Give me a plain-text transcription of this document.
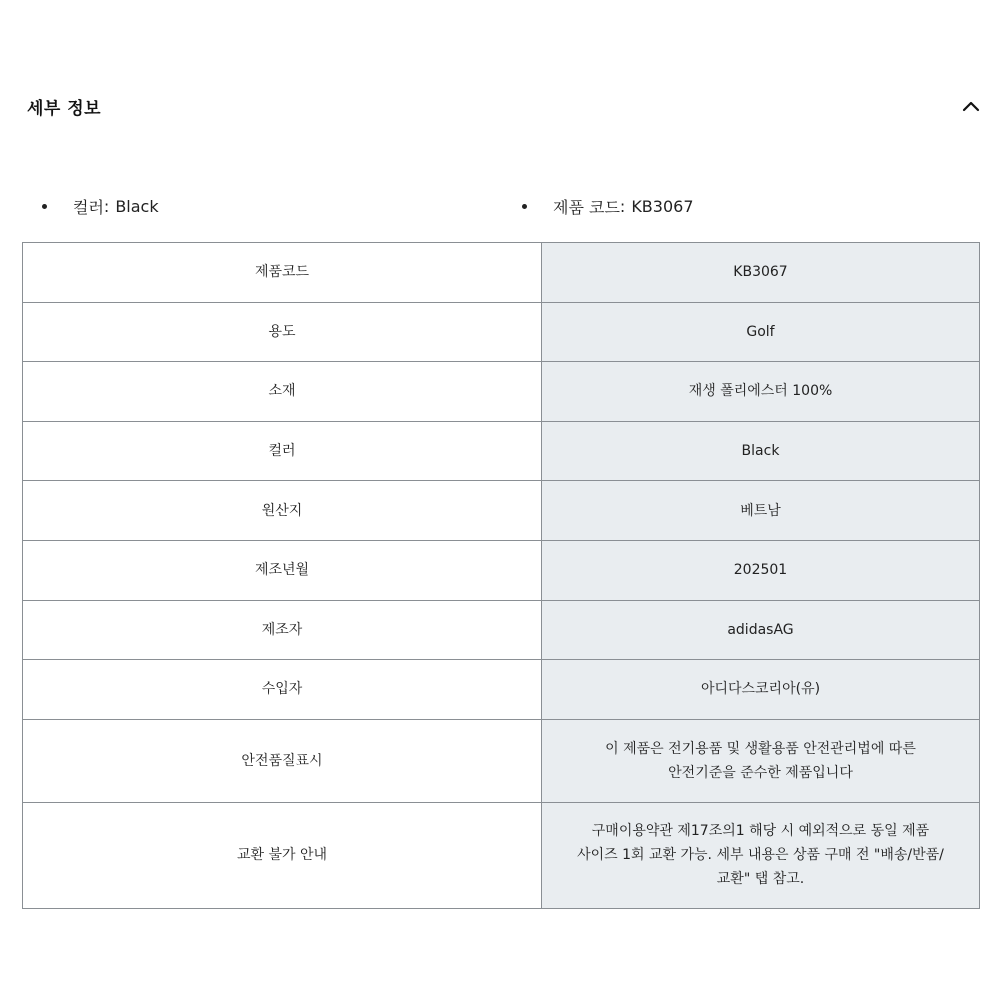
세부 정보
컬러 : Black	제품 코드 : KB3067
제품코드	KB3067

용도	Golf

소재	재생 폴리에스터 100%

컬러	Black

원산지	베트남

제조년월	202501

제조자	adidasAG

수입자	아디다스코리아(유)

안전품질표시	이 제품은 전기용품 및 생활용품 안전관리법에 따른
안전기준을 준수한 제품입니다

교환 불가 안내	구매이용약관 제17조의1 해당 시 예외적으로 동일 제품
사이즈 1회 교환 가능. 세부 내용은 상품 구매 전 "배송/반품/
교환" 탭 참고.
